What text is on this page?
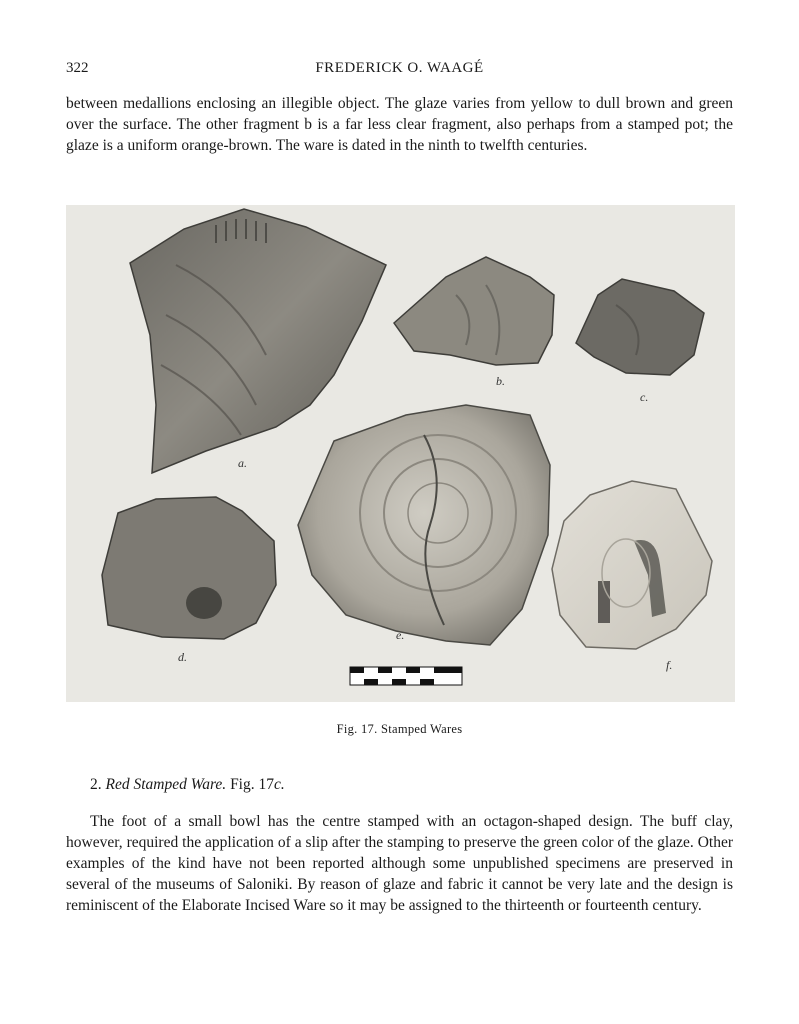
322	FREDERICK O. WAAGÉ

between medallions enclosing an illegible object. The glaze varies from yellow to dull brown and green over the surface. The other fragment b is a far less clear fragment, also perhaps from a stamped pot; the glaze is a uniform orange-brown. The ware is dated in the ninth to twelfth centuries.

a.
b.
c.
d.
e.
f.
Fig. 17. Stamped Wares
2. Red Stamped Ware. Fig. 17c.

The foot of a small bowl has the centre stamped with an octagon-shaped design. The buff clay, however, required the application of a slip after the stamping to preserve the green color of the glaze. Other examples of the kind have not been reported although some unpublished specimens are preserved in several of the museums of Saloniki. By reason of glaze and fabric it cannot be very late and the design is reminiscent of the Elaborate Incised Ware so it may be assigned to the thirteenth or fourteenth century.
